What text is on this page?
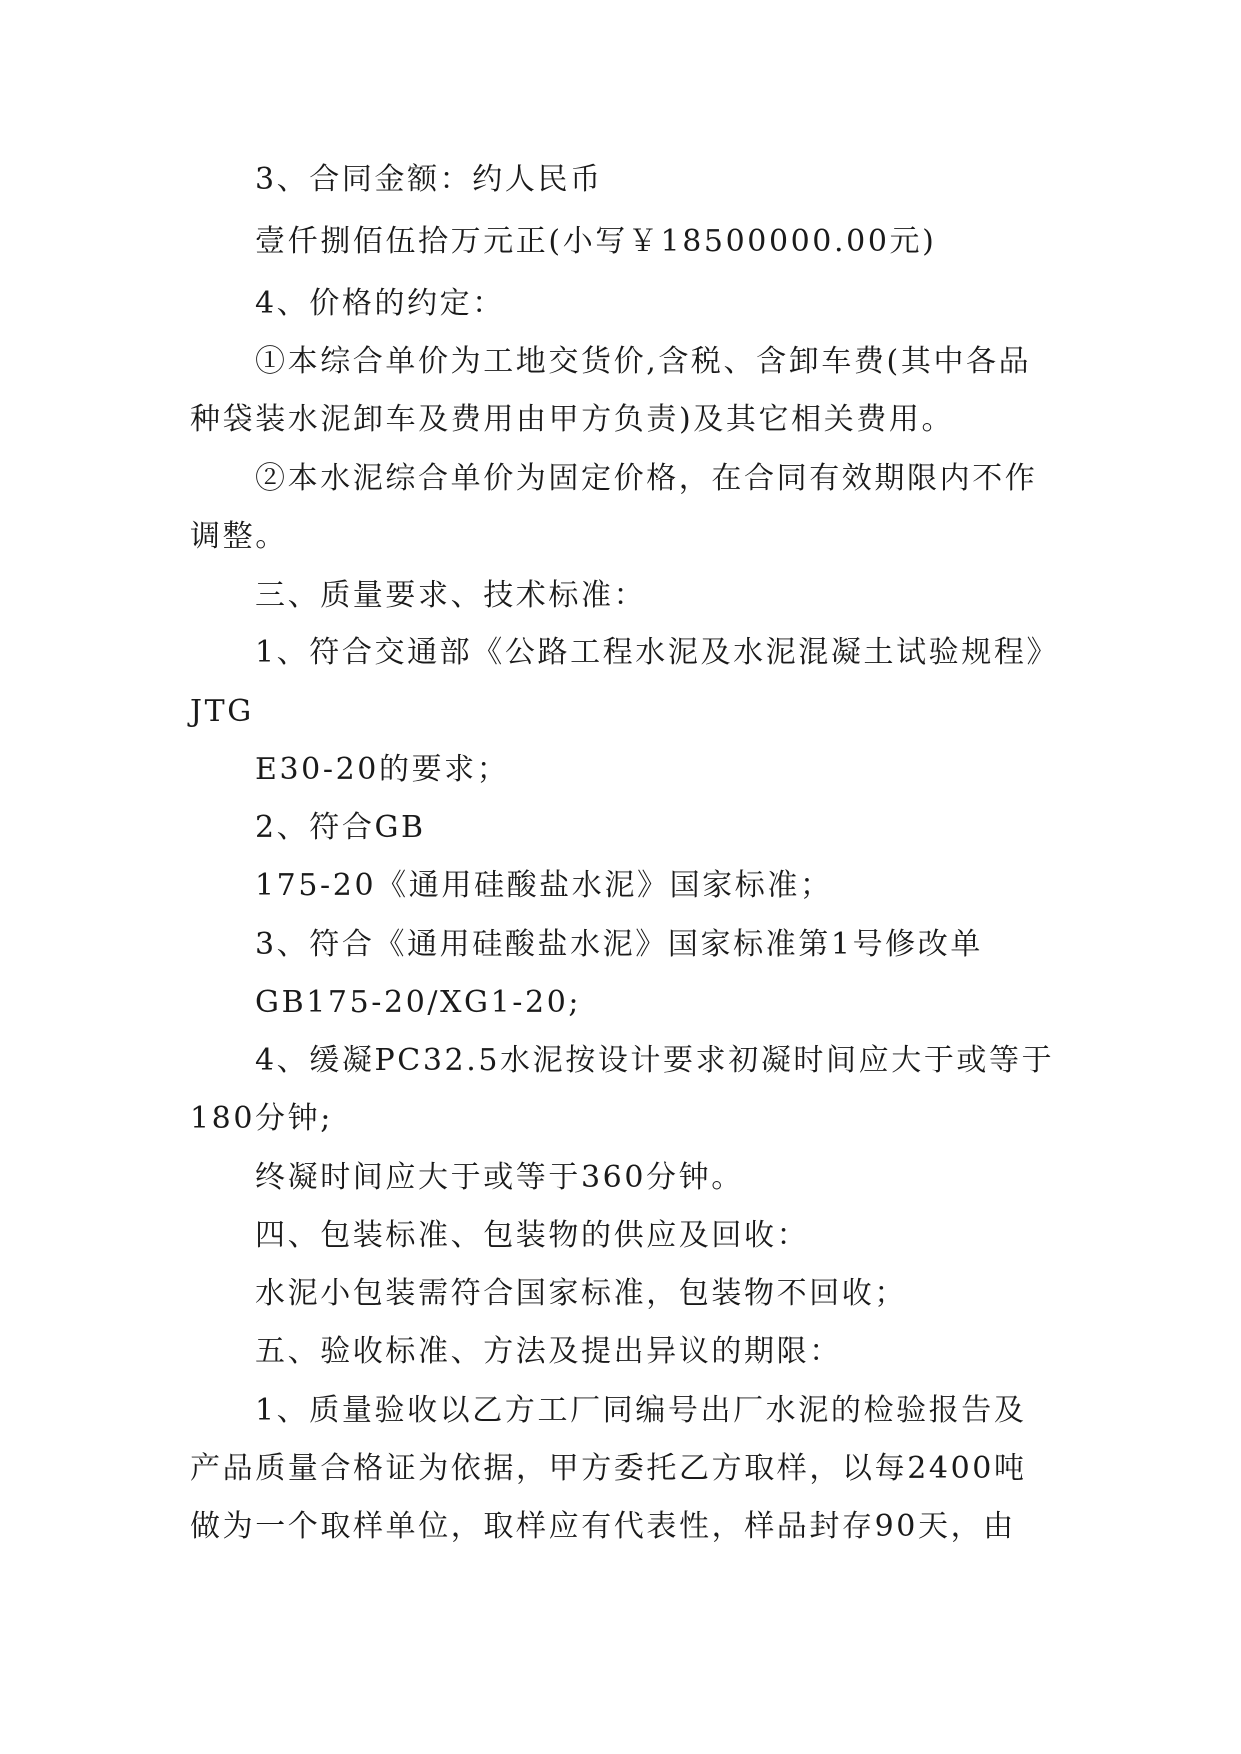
3、合同金额：约人民币
壹仟捌佰伍拾万元正(小写￥18500000.00元)
4、价格的约定：
①本综合单价为工地交货价,含税、含卸车费(其中各品
种袋装水泥卸车及费用由甲方负责)及其它相关费用。
②本水泥综合单价为固定价格，在合同有效期限内不作
调整。
三、质量要求、技术标准：
1、符合交通部《公路工程水泥及水泥混凝土试验规程》
JTG
E30-20的要求；
2、符合GB
175-20《通用硅酸盐水泥》国家标准；
3、符合《通用硅酸盐水泥》国家标准第1号修改单
GB175-20/XG1-20;
4、缓凝PC32.5水泥按设计要求初凝时间应大于或等于
180分钟;
终凝时间应大于或等于360分钟。
四、包装标准、包装物的供应及回收：
水泥小包装需符合国家标准，包装物不回收；
五、验收标准、方法及提出异议的期限：
1、质量验收以乙方工厂同编号出厂水泥的检验报告及
产品质量合格证为依据，甲方委托乙方取样，以每2400吨
做为一个取样单位，取样应有代表性，样品封存90天，由
